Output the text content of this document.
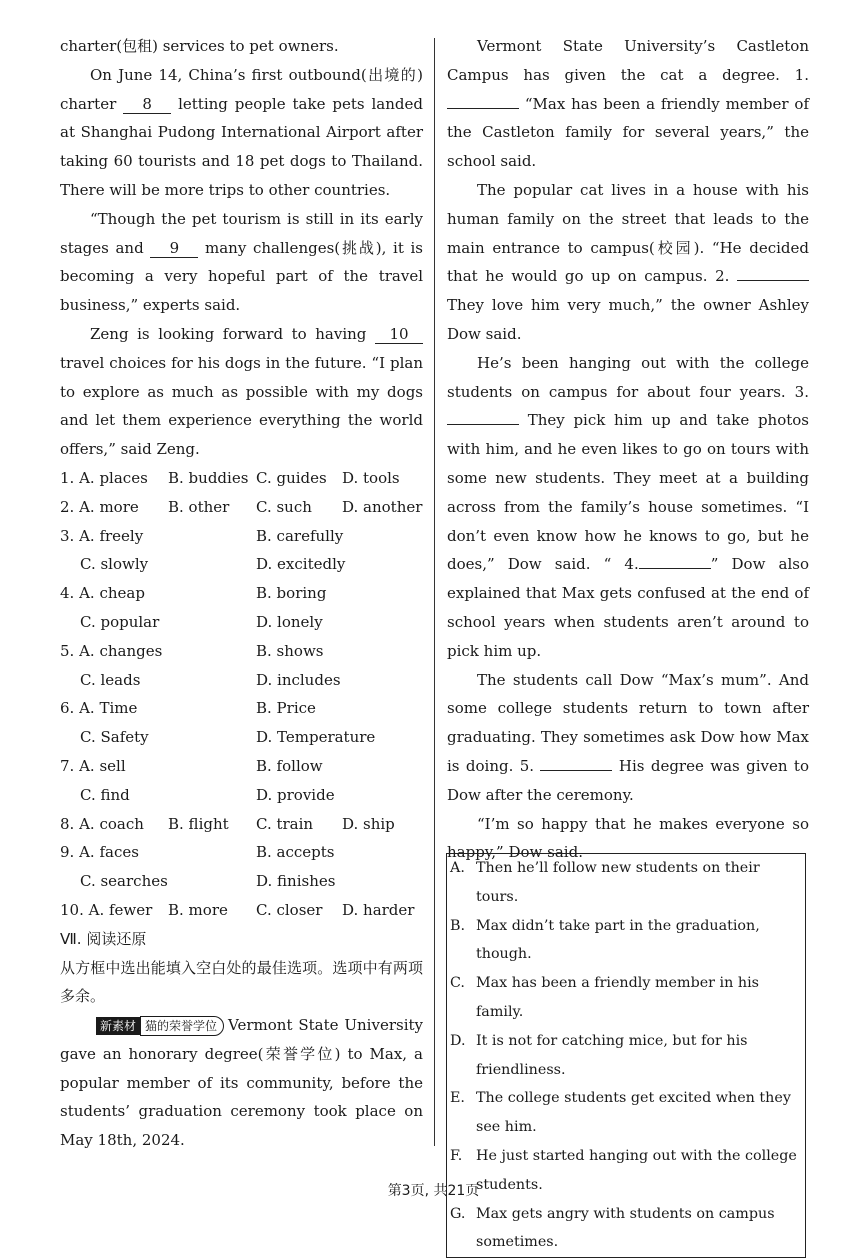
charter(包租) services to pet owners.

On June 14, China’s first outbound(出境的) charter 8 letting people take pets landed at Shanghai Pudong International Airport after taking 60 tourists and 18 pet dogs to Thailand. There will be more trips to other countries.

“Though the pet tourism is still in its early stages and 9 many challenges(挑战), it is becoming a very hopeful part of the travel business,” experts said.

Zeng is looking forward to having 10 travel choices for his dogs in the future. “I plan to explore as much as possible with my dogs and let them experience everything the world offers,” said Zeng.

1. A. places	B. buddies C. guides	D. tools
2. A. more	B. other	C. such	D. another
3. A. freely	B. carefully
C. slowly	D. excitedly
4. A. cheap	B. boring
C. popular	D. lonely
5. A. changes	B. shows
C. leads	D. includes
6. A. Time	B. Price
C. Safety	D. Temperature
7. A. sell	B. follow
C. find	D. provide
8. A. coach	B. flight	C. train	D. ship
9. A. faces	B. accepts
C. searches	D. finishes
10. A. fewer	B. more	C. closer	D. harder

Ⅶ. 阅读还原

从方框中选出能填入空白处的最佳选项。选项中有两项多余。

新素材 猫的荣誉学位 Vermont State University gave an honorary degree(荣誉学位) to Max, a popular member of its community, before the students’ graduation ceremony took place on May 18th, 2024.

Vermont State University’s Castleton Campus has given the cat a degree. 1.  “Max has been a friendly member of the Castleton family for several years,” the school said.

The popular cat lives in a house with his human family on the street that leads to the main entrance to campus(校园). “He decided that he would go up on campus. 2.  They love him very much,” the owner Ashley Dow said.

He’s been hanging out with the college students on campus for about four years. 3.  They pick him up and take photos with him, and he even likes to go on tours with some new students. They meet at a building across from the family’s house sometimes. “I don’t even know how he knows to go, but he does,” Dow said. “ 4.	” Dow also explained that Max gets confused at the end of school years when students aren’t around to pick him up.

The students call Dow “Max’s mum”. And some college students return to town after graduating. They sometimes ask Dow how Max is doing. 5.	His degree was given to Dow after the ceremony.

“I’m so happy that he makes everyone so happy,” Dow said.

A. Then he’ll follow new students on their tours.
B. Max didn’t take part in the graduation, though.
C. Max has been a friendly member in his family.
D. It is not for catching mice, but for his friendliness.
E. The college students get excited when they see him.
F. He just started hanging out with the college students.
G. Max gets angry with students on campus sometimes.
第3页, 共21页
